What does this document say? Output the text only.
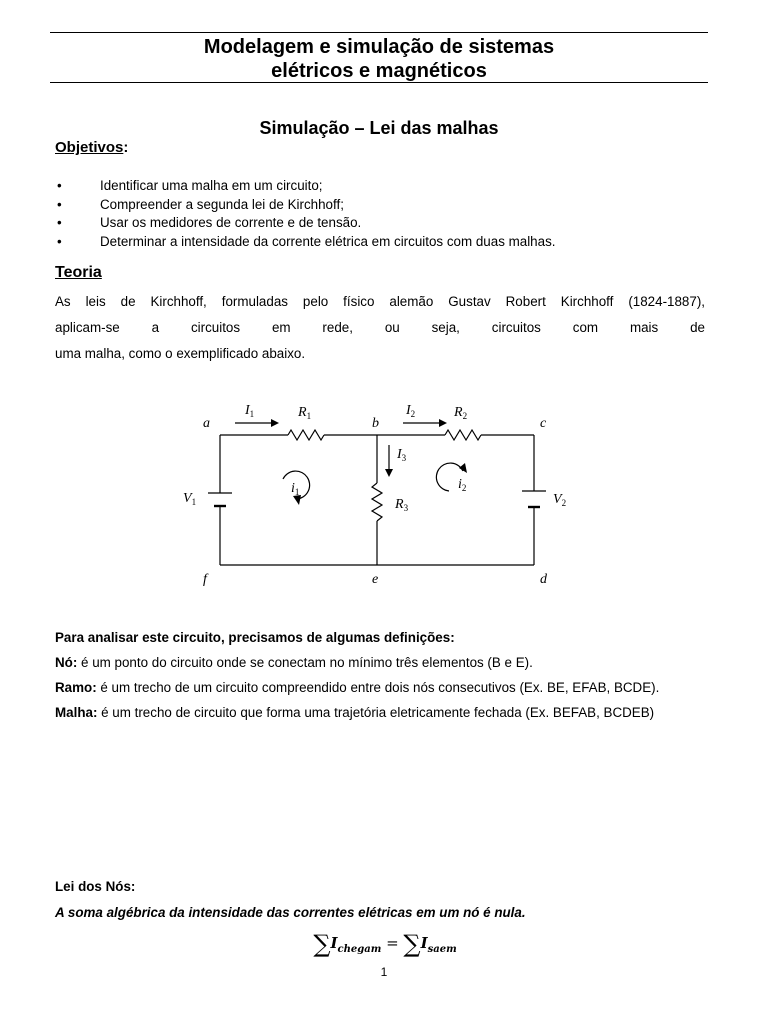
Modelagem e simulação de sistemas
elétricos e magnéticos
Simulação – Lei das malhas
Objetivos:
•	Identificar uma malha em um circuito;
•	Compreender a segunda lei de Kirchhoff;
•	Usar os medidores de corrente e de tensão.
•	Determinar a intensidade da corrente elétrica em circuitos com duas malhas.
Teoria
As leis de Kirchhoff, formuladas pelo físico alemão Gustav Robert Kirchhoff (1824-1887),
aplicam-se a circuitos em rede, ou seja, circuitos com mais de
uma malha, como o exemplificado abaixo.
a	b	c
f	e	d
$I_1$	$I_2$
$I_3$
$R_1$	$R_2$
$R_3$
$V_1$	$V_2$
$i_1$	$i_2$

Para analisar este circuito, precisamos de algumas definições:

Nó: é um ponto do circuito onde se conectam no mínimo três elementos (B e E).

Ramo: é um trecho de um circuito compreendido entre dois nós consecutivos (Ex. BE, EFAB, BCDE).

Malha: é um trecho de circuito que forma uma trajetória eletricamente fechada (Ex. BEFAB, BCDEB)

Lei dos Nós:
A soma algébrica da intensidade das correntes elétricas em um nó é nula.
$\sum I_{chegam} = \sum I_{saem}$
1
